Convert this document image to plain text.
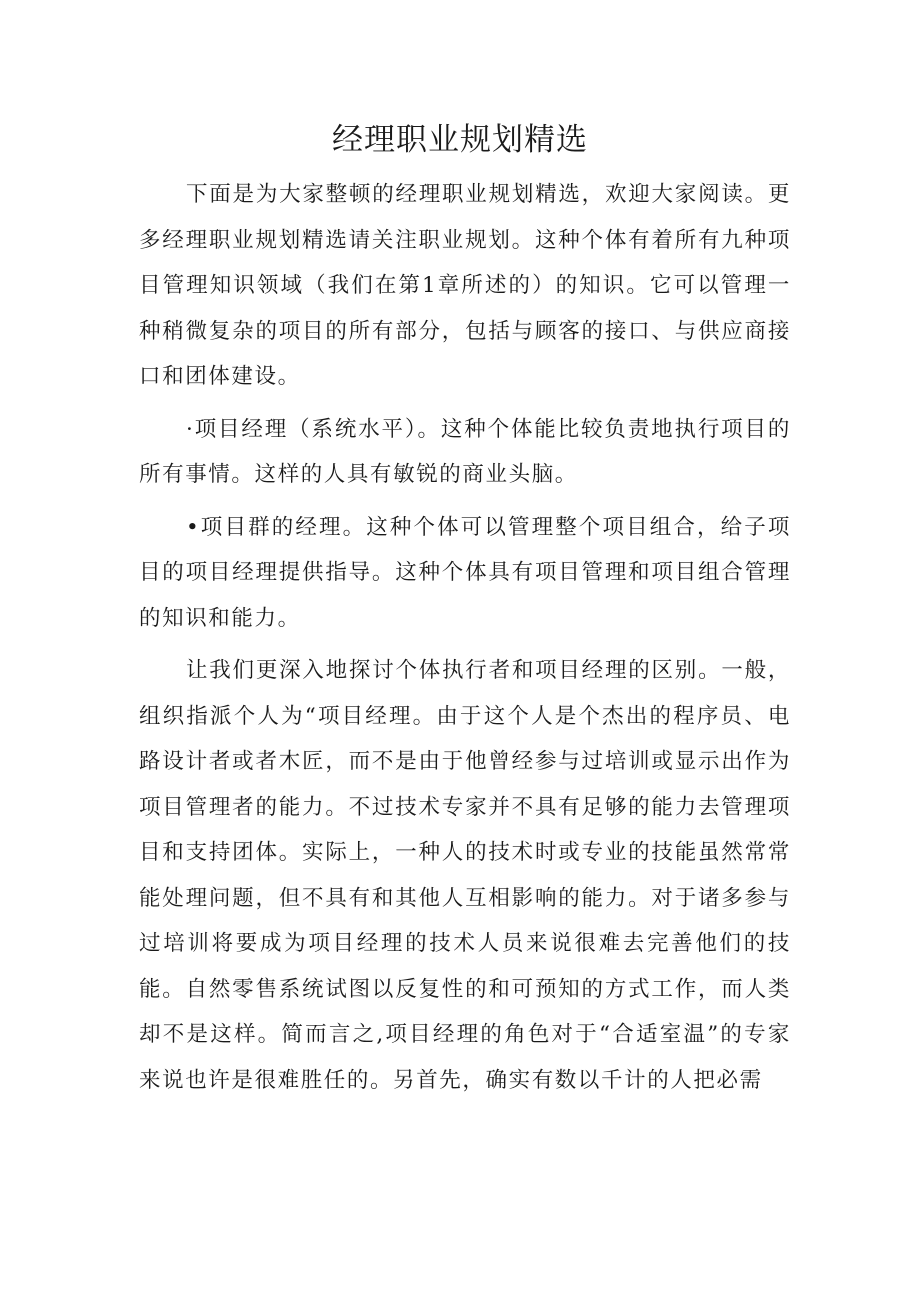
经理职业规划精选

下面是为大家整顿的经理职业规划精选，欢迎大家阅读。更多经理职业规划精选请关注职业规划。这种个体有着所有九种项目管理知识领域（我们在第1章所述的）的知识。它可以管理一种稍微复杂的项目的所有部分，包括与顾客的接口、与供应商接口和团体建设。

·项目经理（系统水平）。这种个体能比较负责地执行项目的所有事情。这样的人具有敏锐的商业头脑。

•项目群的经理。这种个体可以管理整个项目组合，给子项目的项目经理提供指导。这种个体具有项目管理和项目组合管理的知识和能力。

让我们更深入地探讨个体执行者和项目经理的区别。一般，组织指派个人为“项目经理。由于这个人是个杰出的程序员、电路设计者或者木匠，而不是由于他曾经参与过培训或显示出作为项目管理者的能力。不过技术专家并不具有足够的能力去管理项目和支持团体。实际上，一种人的技术时或专业的技能虽然常常能处理问题，但不具有和其他人互相影响的能力。对于诸多参与过培训将要成为项目经理的技术人员来说很难去完善他们的技能。自然零售系统试图以反复性的和可预知的方式工作，而人类却不是这样。简而言之,项目经理的角色对于“合适室温”的专家来说也许是很难胜任的。另首先，确实有数以千计的人把必需
